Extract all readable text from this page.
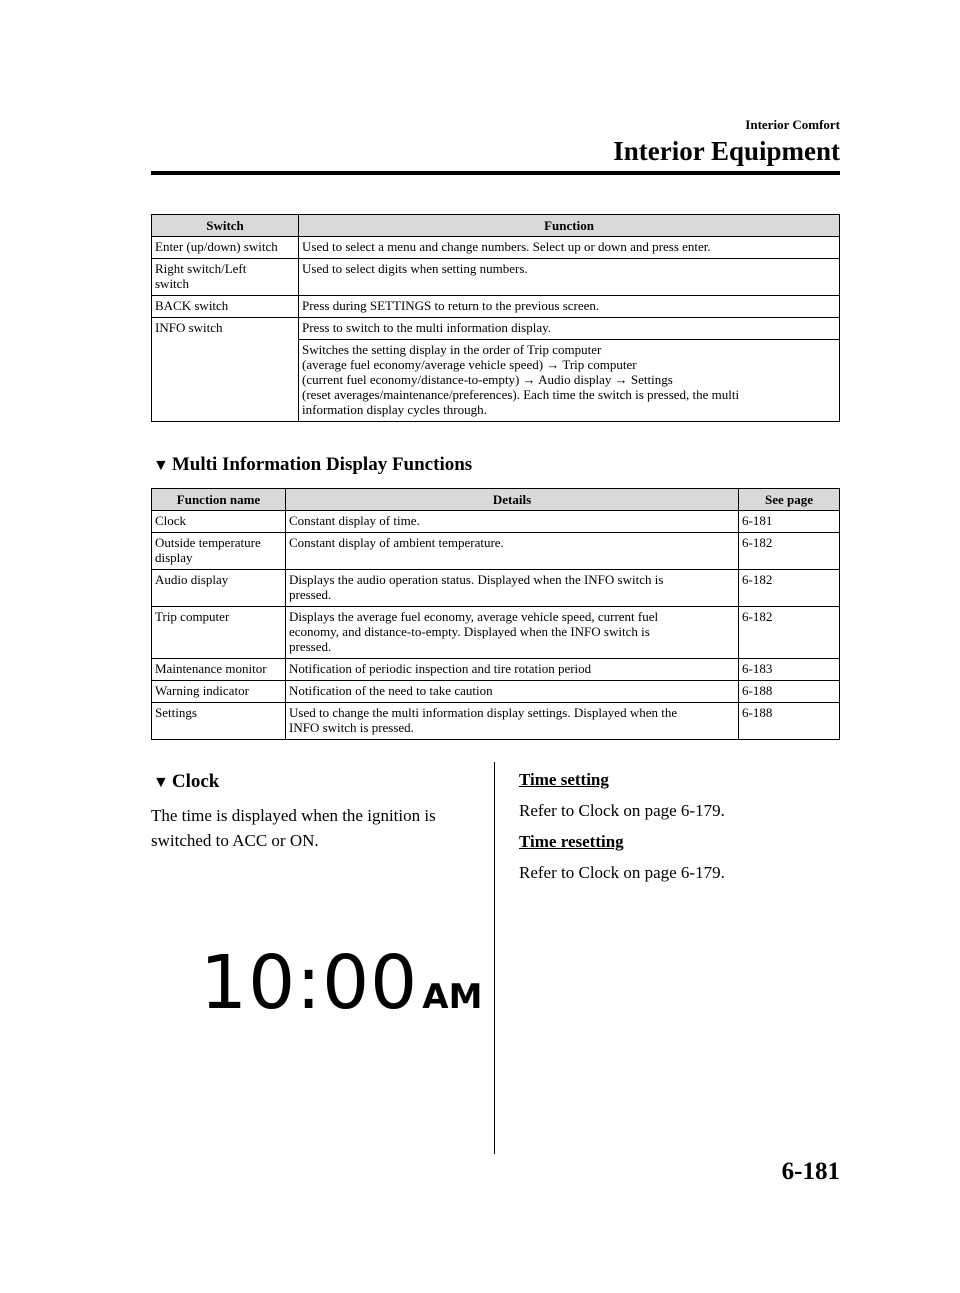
Interior Comfort
Interior Equipment
Switch	Function
Enter (up/down) switch	Used to select a menu and change numbers. Select up or down and press enter.
Right switch/Left
switch	Used to select digits when setting numbers.
BACK switch	Press during SETTINGS to return to the previous screen.
INFO switch	Press to switch to the multi information display.
	Switches the setting display in the order of Trip computer
(average fuel economy/average vehicle speed) → Trip computer
(current fuel economy/distance-to-empty) → Audio display → Settings
(reset averages/maintenance/preferences). Each time the switch is pressed, the multi
information display cycles through.
▼ Multi Information Display Functions
Function name	Details	See page
Clock	Constant display of time.	6-181
Outside temperature
display	Constant display of ambient temperature.	6-182
Audio display	Displays the audio operation status. Displayed when the INFO switch is
pressed.	6-182
Trip computer	Displays the average fuel economy, average vehicle speed, current fuel
economy, and distance-to-empty. Displayed when the INFO switch is
pressed.	6-182
Maintenance monitor	Notification of periodic inspection and tire rotation period	6-183
Warning indicator	Notification of the need to take caution	6-188
Settings	Used to change the multi information display settings. Displayed when the
INFO switch is pressed.	6-188
▼ Clock
The time is displayed when the ignition is
switched to ACC or ON.
10:00 AM
Time setting
Refer to Clock on page 6-179.
Time resetting
Refer to Clock on page 6-179.
6-181
